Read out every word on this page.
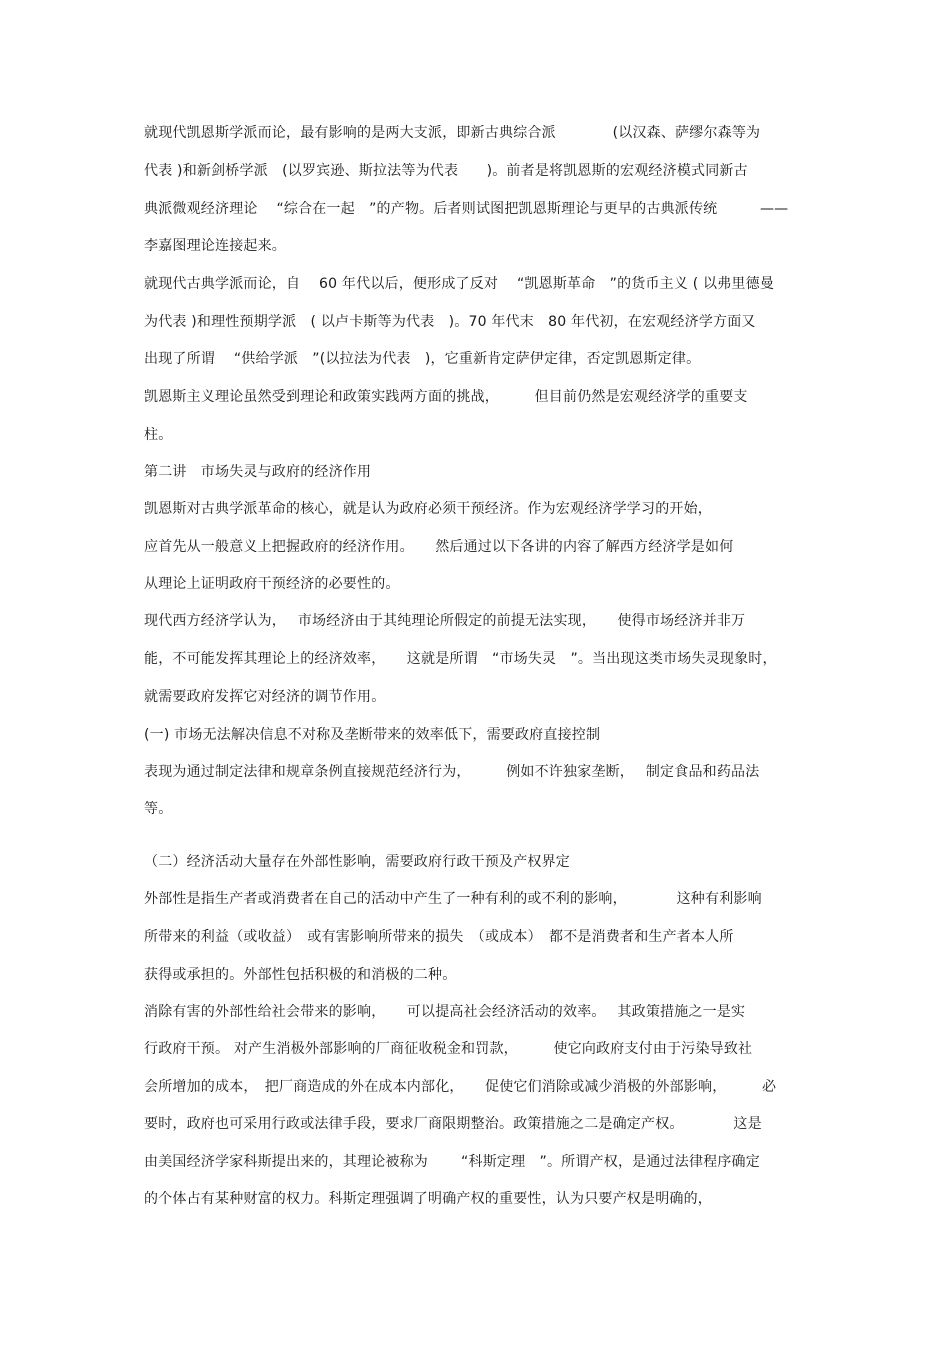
就现代凯恩斯学派而论，最有影响的是两大支派，即新古典综合派　　　　(以汉森、萨缪尔森等为
代表 )和新剑桥学派　(以罗宾逊、斯拉法等为代表　　)。前者是将凯恩斯的宏观经济模式同新古
典派微观经济理论　 “综合在一起　”的产物。后者则试图把凯恩斯理论与更早的古典派传统　　　——
李嘉图理论连接起来。
就现代古典学派而论，自　 60 年代以后，便形成了反对　 “凯恩斯革命　”的货币主义 ( 以弗里德曼
为代表 )和理性预期学派　( 以卢卡斯等为代表　)。70 年代末　80 年代初，在宏观经济学方面又
出现了所谓　 “供给学派　”(以拉法为代表　)，它重新肯定萨伊定律，否定凯恩斯定律。
凯恩斯主义理论虽然受到理论和政策实践两方面的挑战，　　　但目前仍然是宏观经济学的重要支
柱。
第二讲　市场失灵与政府的经济作用
凯恩斯对古典学派革命的核心，就是认为政府必须干预经济。作为宏观经济学学习的开始，
应首先从一般意义上把握政府的经济作用。　　然后通过以下各讲的内容了解西方经济学是如何
从理论上证明政府干预经济的必要性的。
现代西方经济学认为，　 市场经济由于其纯理论所假定的前提无法实现，　　使得市场经济并非万
能，不可能发挥其理论上的经济效率，　　这就是所谓　“市场失灵　”。当出现这类市场失灵现象时，
就需要政府发挥它对经济的调节作用。
(一) 市场无法解决信息不对称及垄断带来的效率低下，需要政府直接控制
表现为通过制定法律和规章条例直接规范经济行为，　　　例如不许独家垄断，　 制定食品和药品法
等。
（二）经济活动大量存在外部性影响，需要政府行政干预及产权界定
外部性是指生产者或消费者在自己的活动中产生了一种有利的或不利的影响，　　　　这种有利影响
所带来的利益（或收益）　或有害影响所带来的损失　（或成本）　都不是消费者和生产者本人所
获得或承担的。外部性包括积极的和消极的二种。
消除有害的外部性给社会带来的影响，　　可以提高社会经济活动的效率。　 其政策措施之一是实
行政府干预。 对产生消极外部影响的厂商征收税金和罚款，　　　使它向政府支付由于污染导致社
会所增加的成本，　把厂商造成的外在成本内部化，　　促使它们消除或减少消极的外部影响，　　　必
要时，政府也可采用行政或法律手段，要求厂商限期整治。政策措施之二是确定产权。　　　　这是
由美国经济学家科斯提出来的，其理论被称为　　 “科斯定理　”。所谓产权，是通过法律程序确定
的个体占有某种财富的权力。科斯定理强调了明确产权的重要性，认为只要产权是明确的，
